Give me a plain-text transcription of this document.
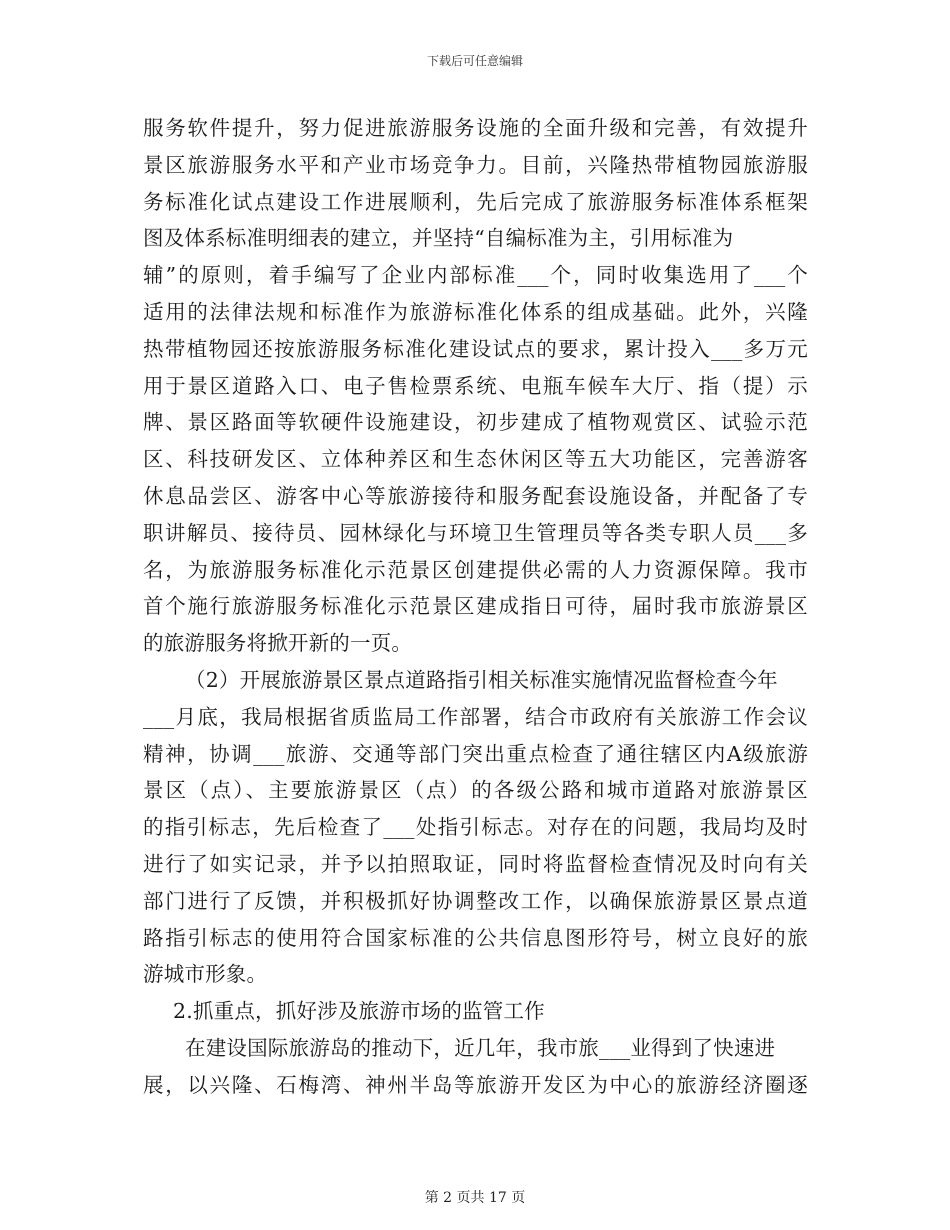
下载后可任意编辑
服务软件提升，努力促进旅游服务设施的全面升级和完善，有效提升
景区旅游服务水平和产业市场竞争力。目前，兴隆热带植物园旅游服
务标准化试点建设工作进展顺利，先后完成了旅游服务标准体系框架
图及体系标准明细表的建立，并坚持“自编标准为主，引用标准为
辅”的原则，着手编写了企业内部标准___个，同时收集选用了___个
适用的法律法规和标准作为旅游标准化体系的组成基础。此外，兴隆
热带植物园还按旅游服务标准化建设试点的要求，累计投入___多万元
用于景区道路入口、电子售检票系统、电瓶车候车大厅、指（提）示
牌、景区路面等软硬件设施建设，初步建成了植物观赏区、试验示范
区、科技研发区、立体种养区和生态休闲区等五大功能区，完善游客
休息品尝区、游客中心等旅游接待和服务配套设施设备，并配备了专
职讲解员、接待员、园林绿化与环境卫生管理员等各类专职人员___多
名，为旅游服务标准化示范景区创建提供必需的人力资源保障。我市
首个施行旅游服务标准化示范景区建成指日可待，届时我市旅游景区
的旅游服务将掀开新的一页。
（2）开展旅游景区景点道路指引相关标准实施情况监督检查今年
___月底，我局根据省质监局工作部署，结合市政府有关旅游工作会议
精神，协调___旅游、交通等部门突出重点检查了通往辖区内A级旅游
景区（点）、主要旅游景区（点）的各级公路和城市道路对旅游景区
的指引标志，先后检查了___处指引标志。对存在的问题，我局均及时
进行了如实记录，并予以拍照取证，同时将监督检查情况及时向有关
部门进行了反馈，并积极抓好协调整改工作，以确保旅游景区景点道
路指引标志的使用符合国家标准的公共信息图形符号，树立良好的旅
游城市形象。
2.抓重点，抓好涉及旅游市场的监管工作
在建设国际旅游岛的推动下，近几年，我市旅___业得到了快速进
展，以兴隆、石梅湾、神州半岛等旅游开发区为中心的旅游经济圈逐
第 2 页共 17 页
